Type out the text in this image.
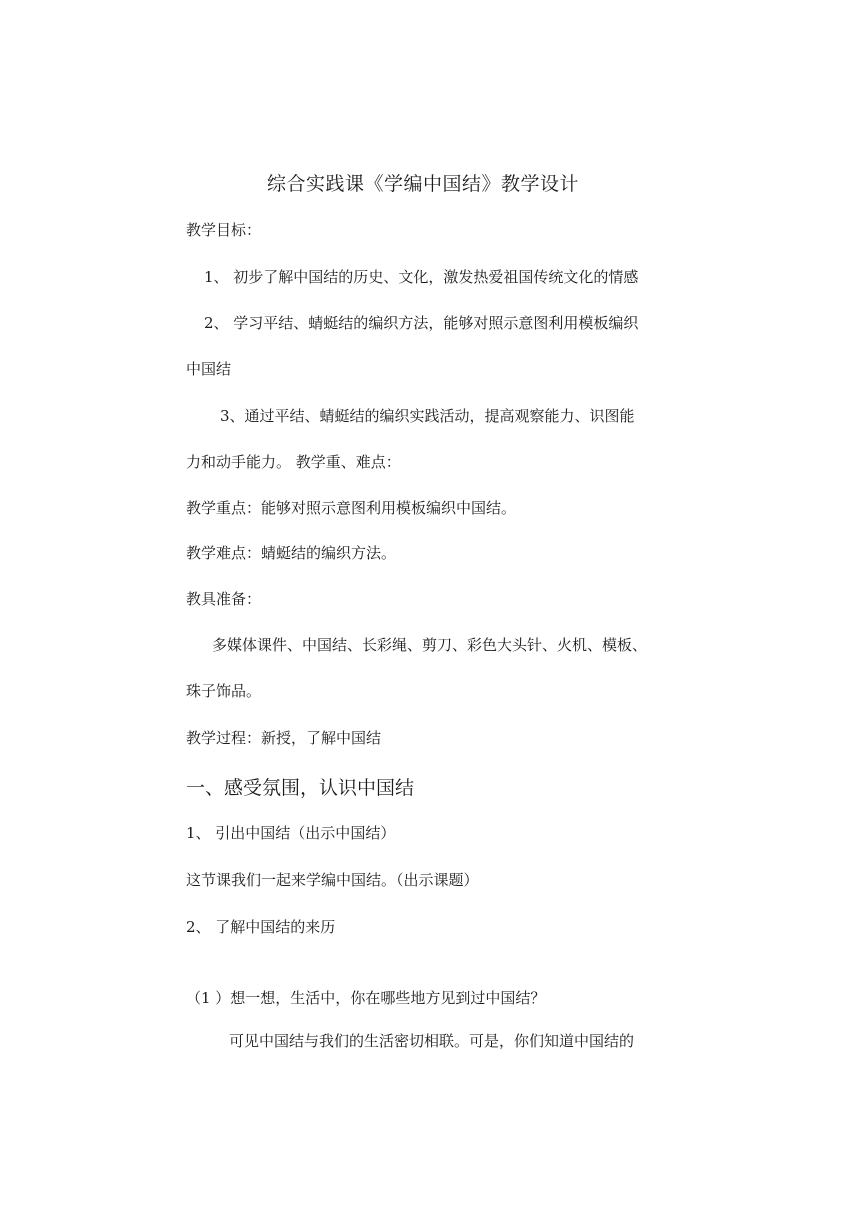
综合实践课《学编中国结》教学设计
教学目标：
1、 初步了解中国结的历史、文化，激发热爱祖国传统文化的情感
2、 学习平结、蜻蜓结的编织方法，能够对照示意图利用模板编织
中国结
3、通过平结、蜻蜓结的编织实践活动，提高观察能力、识图能
力和动手能力。 教学重、难点：
教学重点：能够对照示意图利用模板编织中国结。
教学难点：蜻蜓结的编织方法。
教具准备：
多媒体课件、中国结、长彩绳、剪刀、彩色大头针、火机、模板、
珠子饰品。
教学过程：新授，了解中国结
一、感受氛围，认识中国结
1、 引出中国结（出示中国结）
这节课我们一起来学编中国结。（出示课题）
2、 了解中国结的来历
（1 ）想一想，生活中，你在哪些地方见到过中国结？
可见中国结与我们的生活密切相联。可是，你们知道中国结的
